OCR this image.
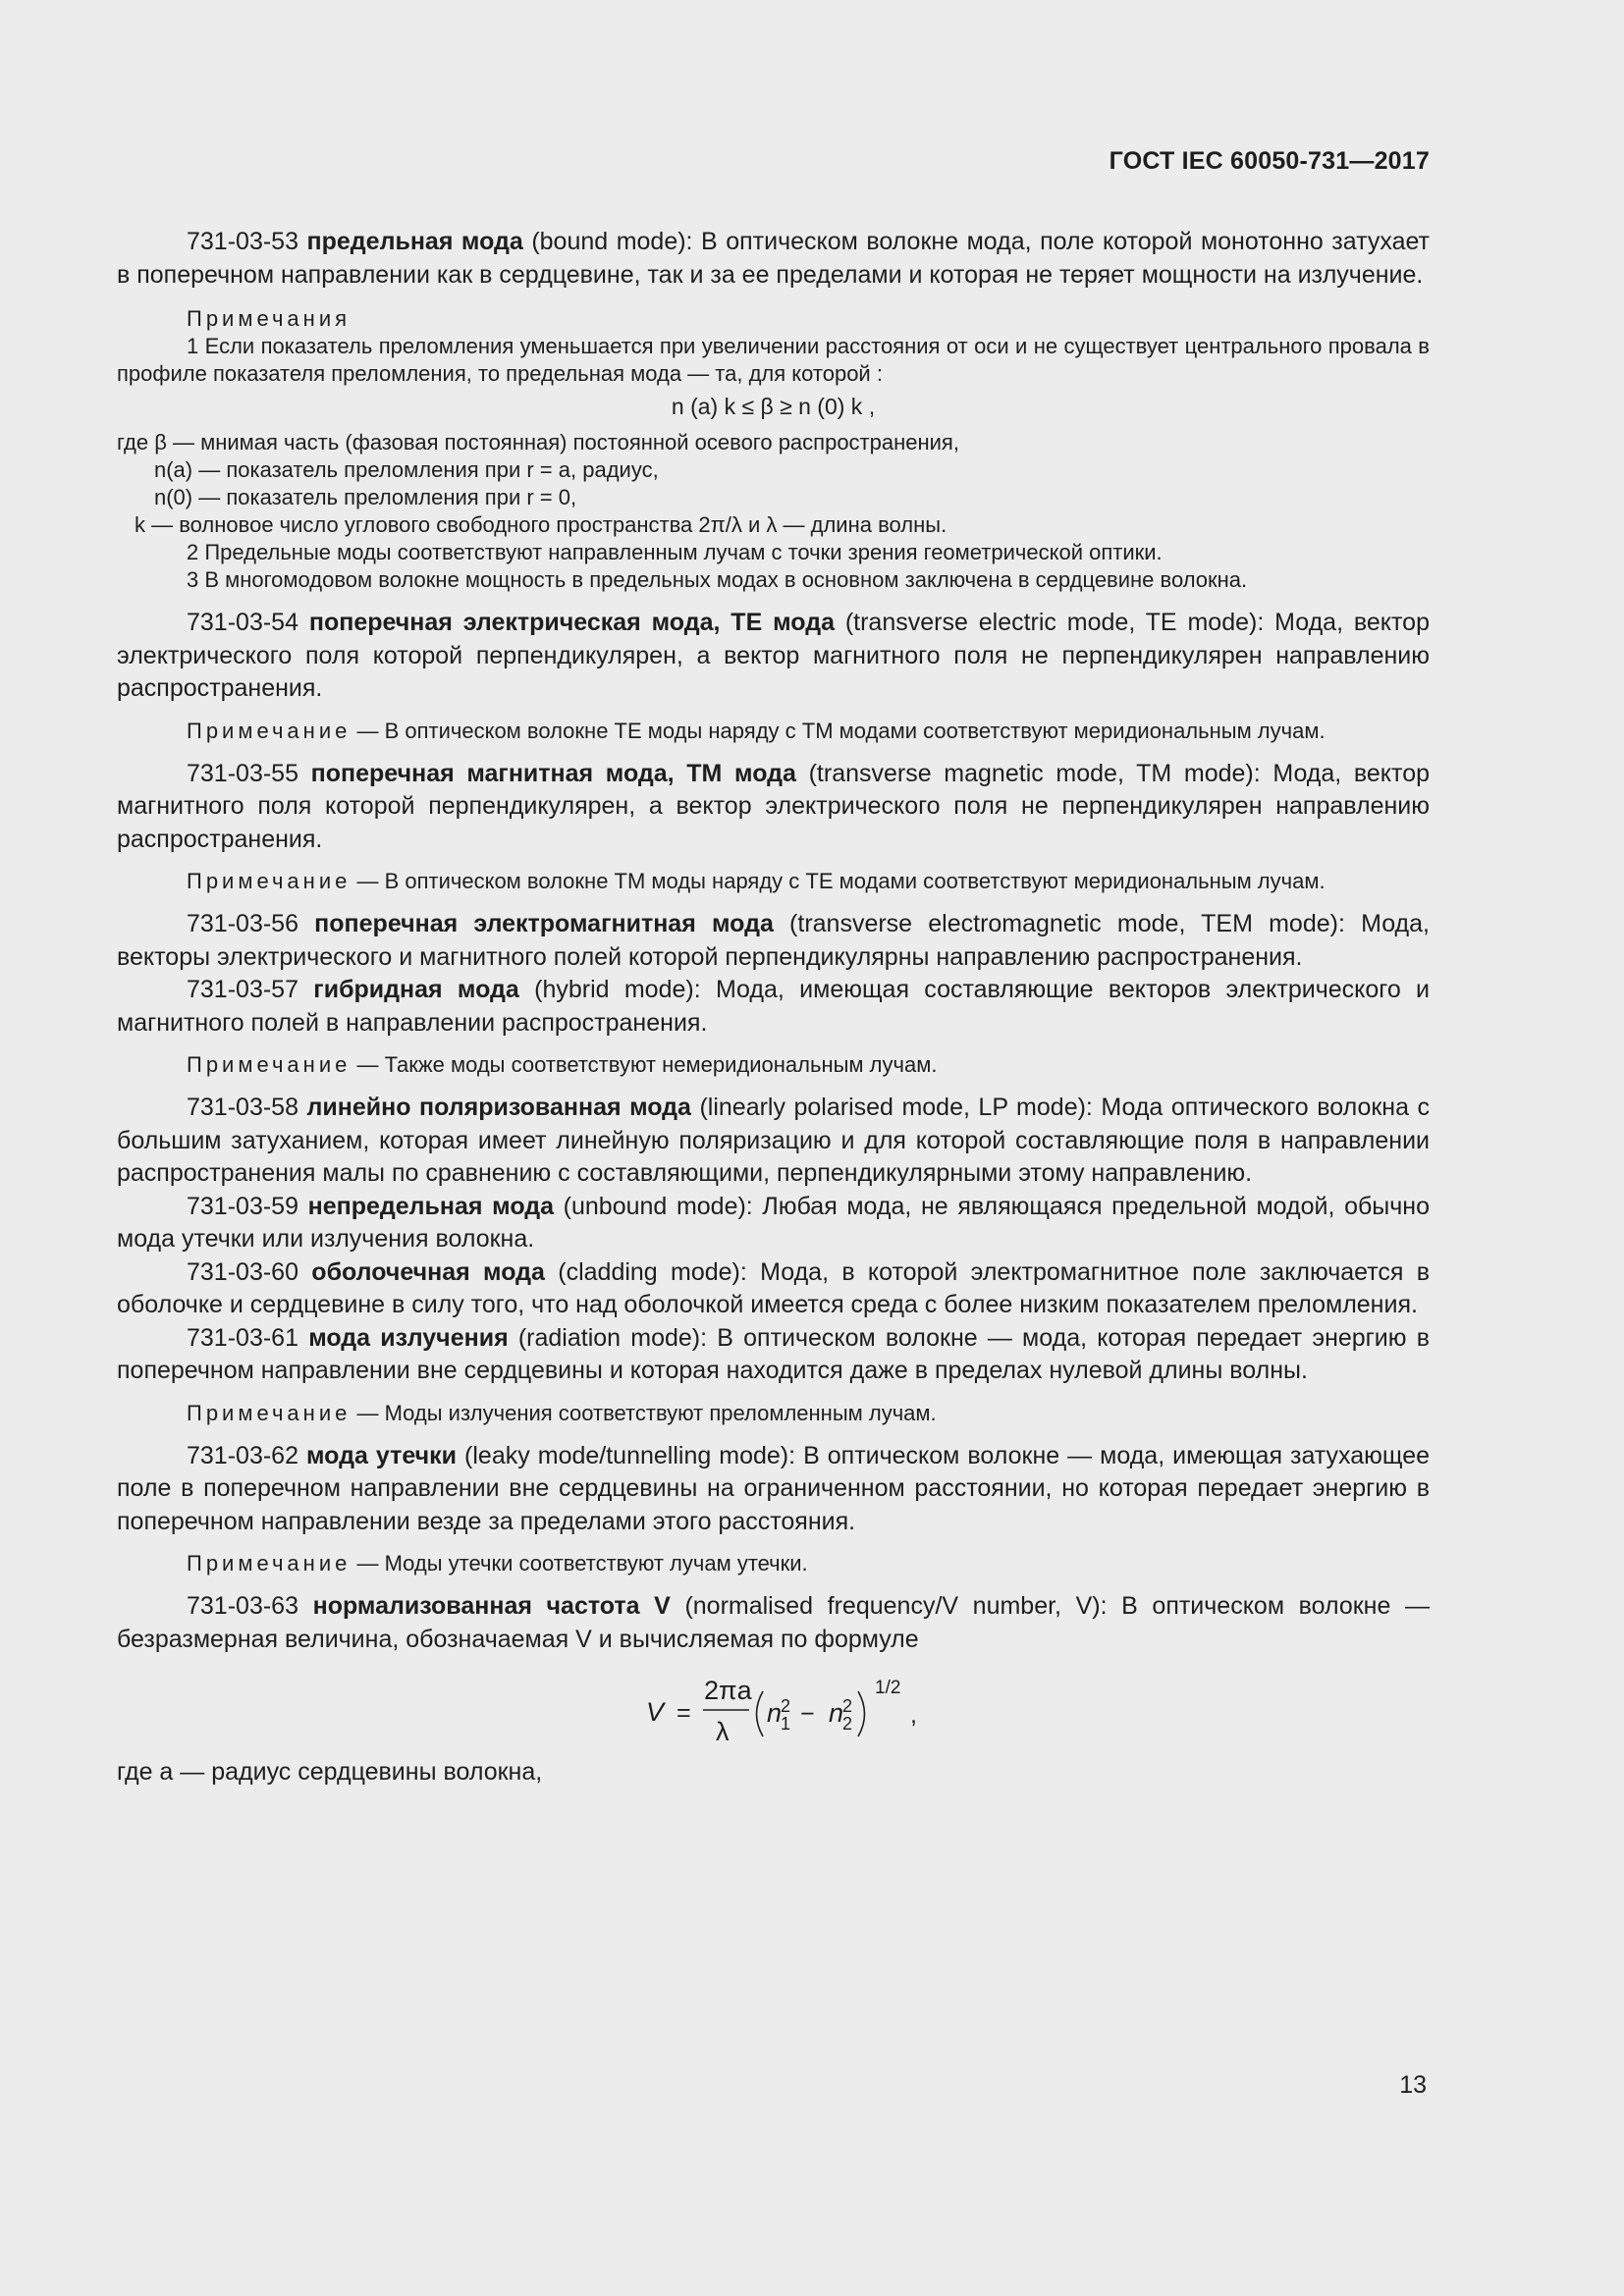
ГОСТ IEC 60050-731—2017

731-03-53 предельная мода (bound mode): В оптическом волокне мода, поле которой монотонно затухает в поперечном направлении как в сердцевине, так и за ее пределами и которая не теряет мощности на излучение.

Примечания

1 Если показатель преломления уменьшается при увеличении расстояния от оси и не существует центрального провала в профиле показателя преломления, то предельная мода — та, для которой :

n (a) k ≤ β ≥ n (0) k ,

где β — мнимая часть (фазовая постоянная) постоянной осевого распространения,

n(a) — показатель преломления при r = a, радиус,

n(0) — показатель преломления при r = 0,

k — волновое число углового свободного пространства 2π/λ и λ — длина волны.

2 Предельные моды соответствуют направленным лучам с точки зрения геометрической оптики.

3 В многомодовом волокне мощность в предельных модах в основном заключена в сердцевине волокна.

731-03-54 поперечная электрическая мода, ТЕ мода (transverse electric mode, TE mode): Мода, вектор электрического поля которой перпендикулярен, а вектор магнитного поля не перпендикулярен направлению распространения.

Примечание — В оптическом волокне ТЕ моды наряду с ТМ модами соответствуют меридиональным лучам.

731-03-55 поперечная магнитная мода, ТМ мода (transverse magnetic mode, TM mode): Мода, вектор магнитного поля которой перпендикулярен, а вектор электрического поля не перпендикулярен направлению распространения.

Примечание — В оптическом волокне ТМ моды наряду с ТЕ модами соответствуют меридиональным лучам.

731-03-56 поперечная электромагнитная мода (transverse electromagnetic mode, TEM mode): Мода, векторы электрического и магнитного полей которой перпендикулярны направлению распространения.

731-03-57 гибридная мода (hybrid mode): Мода, имеющая составляющие векторов электрического и магнитного полей в направлении распространения.

Примечание — Также моды соответствуют немеридиональным лучам.

731-03-58 линейно поляризованная мода (linearly polarised mode, LP mode): Мода оптического волокна с большим затуханием, которая имеет линейную поляризацию и для которой составляющие поля в направлении распространения малы по сравнению с составляющими, перпендикулярными этому направлению.

731-03-59 непредельная мода (unbound mode): Любая мода, не являющаяся предельной модой, обычно мода утечки или излучения волокна.

731-03-60 оболочечная мода (cladding mode): Мода, в которой электромагнитное поле заключается в оболочке и сердцевине в силу того, что над оболочкой имеется среда с более низким показателем преломления.

731-03-61 мода излучения (radiation mode): В оптическом волокне — мода, которая передает энергию в поперечном направлении вне сердцевины и которая находится даже в пределах нулевой длины волны.

Примечание — Моды излучения соответствуют преломленным лучам.

731-03-62 мода утечки (leaky mode/tunnelling mode): В оптическом волокне — мода, имеющая затухающее поле в поперечном направлении вне сердцевины на ограниченном расстоянии, но которая передает энергию в поперечном направлении везде за пределами этого расстояния.

Примечание — Моды утечки соответствуют лучам утечки.

731-03-63 нормализованная частота V (normalised frequency/V number, V): В оптическом волокне — безразмерная величина, обозначаемая V и вычисляемая по формуле

V =
2πa
λ
n
2
1 − n
2
2
1/2
,

где a — радиус сердцевины волокна,

13
